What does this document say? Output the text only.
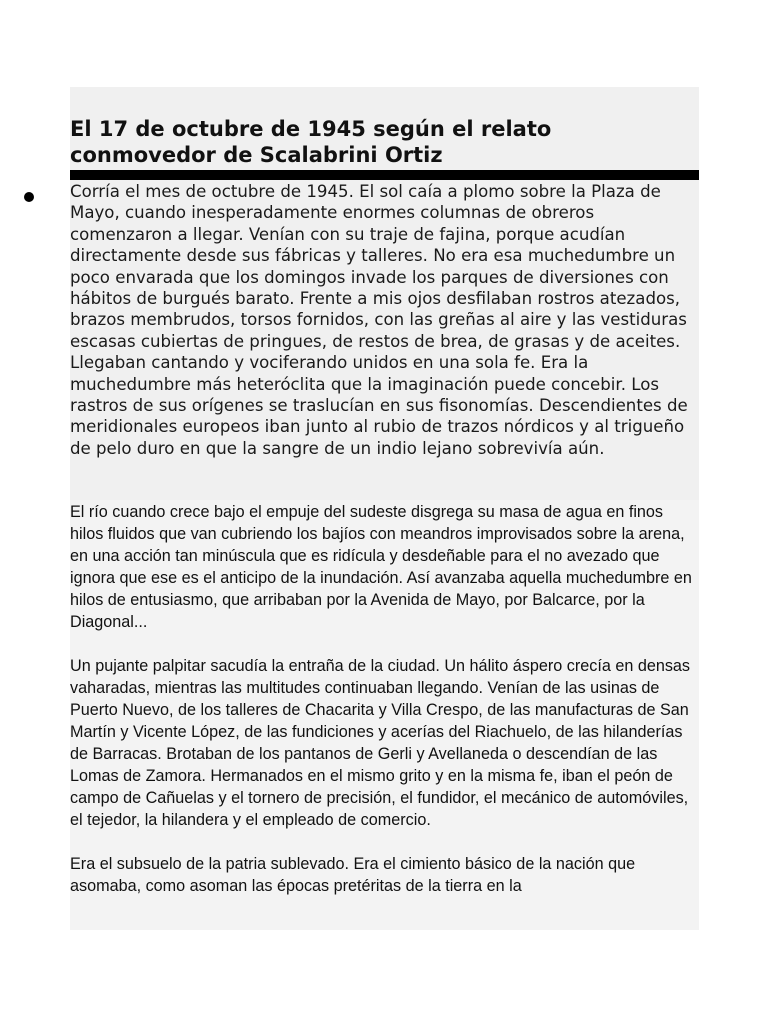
El 17 de octubre de 1945 según el relato conmovedor de Scalabrini Ortiz

Corría el mes de octubre de 1945. El sol caía a plomo sobre la Plaza de Mayo, cuando inesperadamente enormes columnas de obreros comenzaron a llegar. Venían con su traje de fajina, porque acudían directamente desde sus fábricas y talleres. No era esa muchedumbre un poco envarada que los domingos invade los parques de diversiones con hábitos de burgués barato. Frente a mis ojos desfilaban rostros atezados, brazos membrudos, torsos fornidos, con las greñas al aire y las vestiduras escasas cubiertas de pringues, de restos de brea, de grasas y de aceites. Llegaban cantando y vociferando unidos en una sola fe. Era la muchedumbre más heteróclita que la imaginación puede concebir. Los rastros de sus orígenes se traslucían en sus fisonomías. Descendientes de meridionales europeos iban junto al rubio de trazos nórdicos y al trigueño de pelo duro en que la sangre de un indio lejano sobrevivía aún.

El río cuando crece bajo el empuje del sudeste disgrega su masa de agua en finos hilos fluidos que van cubriendo los bajíos con meandros improvisados sobre la arena, en una acción tan minúscula que es ridícula y desdeñable para el no avezado que ignora que ese es el anticipo de la inundación. Así avanzaba aquella muchedumbre en hilos de entusiasmo, que arribaban por la Avenida de Mayo, por Balcarce, por la Diagonal...

Un pujante palpitar sacudía la entraña de la ciudad. Un hálito áspero crecía en densas vaharadas, mientras las multitudes continuaban llegando. Venían de las usinas de Puerto Nuevo, de los talleres de Chacarita y Villa Crespo, de las manufacturas de San Martín y Vicente López, de las fundiciones y acerías del Riachuelo, de las hilanderías de Barracas. Brotaban de los pantanos de Gerli y Avellaneda o descendían de las Lomas de Zamora. Hermanados en el mismo grito y en la misma fe, iban el peón de campo de Cañuelas y el tornero de precisión, el fundidor, el mecánico de automóviles, el tejedor, la hilandera y el empleado de comercio.

Era el subsuelo de la patria sublevado. Era el cimiento básico de la nación que asomaba, como asoman las épocas pretéritas de la tierra en la
